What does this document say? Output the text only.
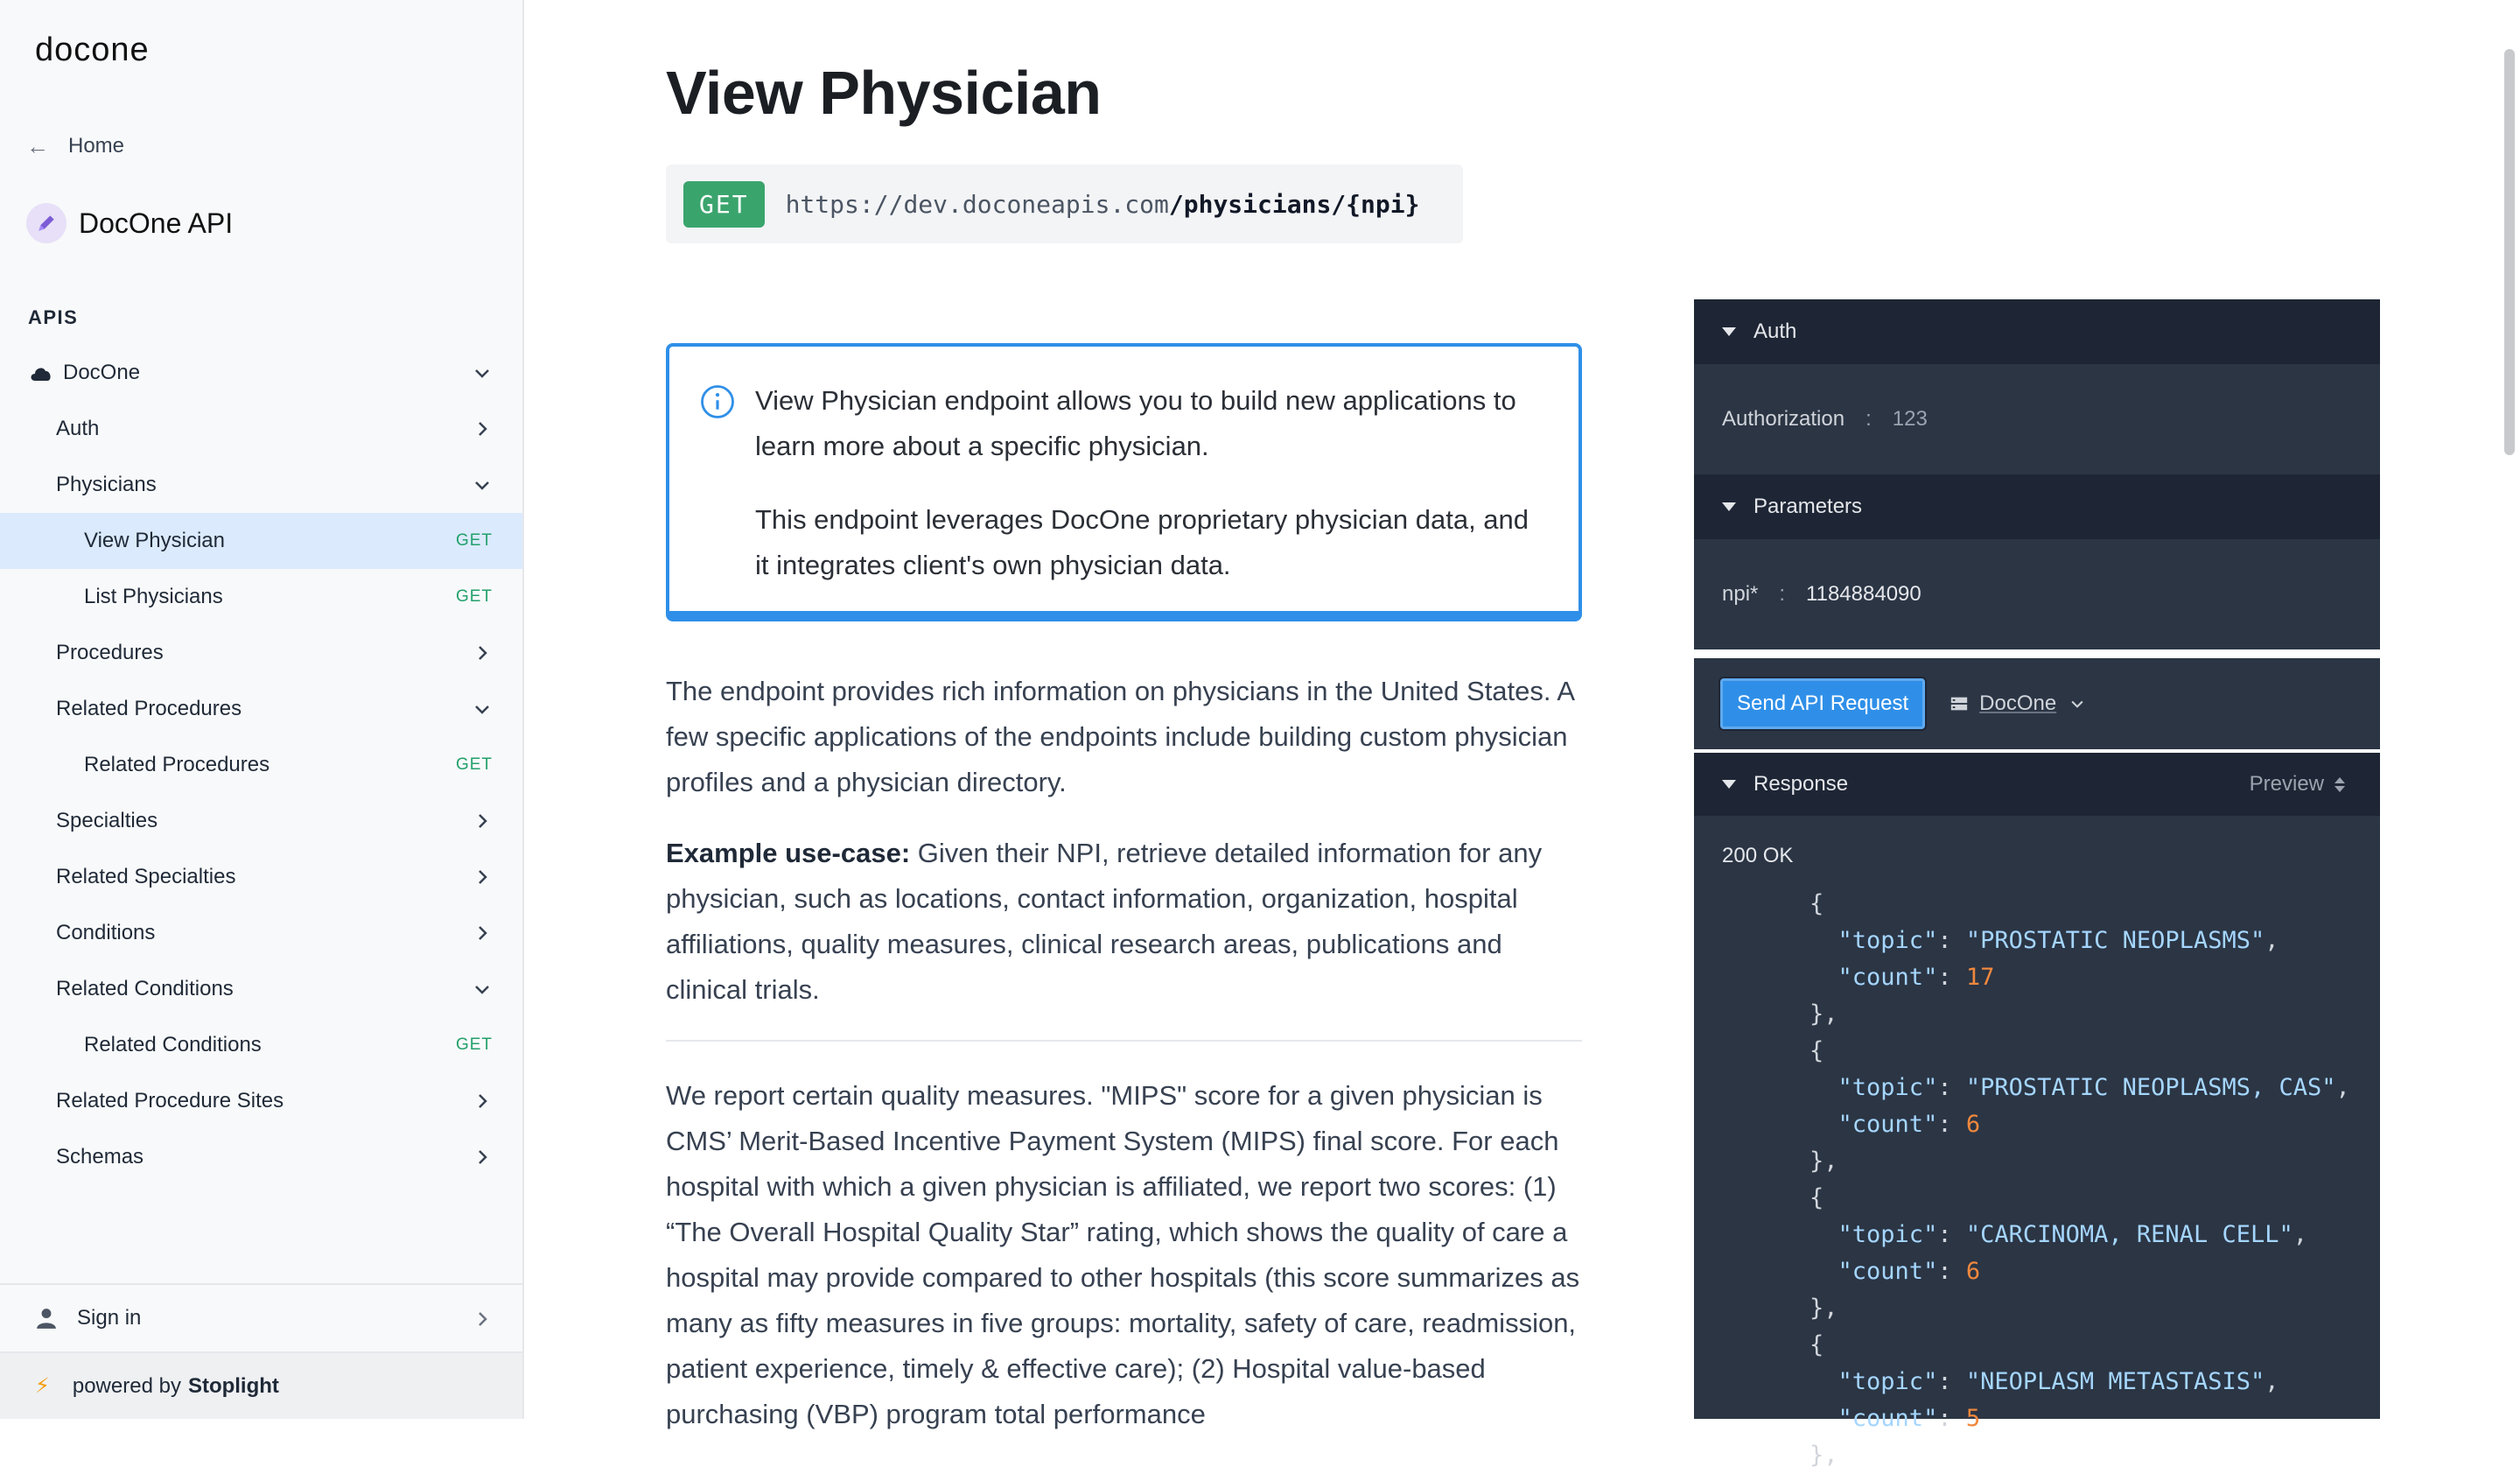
docone
← Home
DocOne API
APIS
DocOne
Auth
Physicians
View Physician	GET
List Physicians	GET
Procedures
Related Procedures
Related Procedures	GET
Specialties
Related Specialties
Conditions
Related Conditions
Related Conditions	GET
Related Procedure Sites
Schemas
Sign in
⚡ powered by Stoplight
View Physician
GET	https://dev.doconeapis.com/physicians/{npi}

View Physician endpoint allows you to build new applications to learn more about a specific physician.

This endpoint leverages DocOne proprietary physician data, and it integrates client's own physician data.

The endpoint provides rich information on physicians in the United States. A few specific applications of the endpoints include building custom physician profiles and a physician directory.

Example use-case: Given their NPI, retrieve detailed information for any physician, such as locations, contact information, organization, hospital affiliations, quality measures, clinical research areas, publications and clinical trials.

We report certain quality measures. "MIPS" score for a given physician is CMS’ Merit-Based Incentive Payment System (MIPS) final score. For each hospital with which a given physician is affiliated, we report two scores: (1) “The Overall Hospital Quality Star” rating, which shows the quality of care a hospital may provide compared to other hospitals (this score summarizes as many as fifty measures in five groups: mortality, safety of care, readmission, patient experience, timely & effective care); (2) Hospital value-based purchasing (VBP) program total performance

Auth
Authorization : 123
Parameters
npi* : 1184884090
Send API Request	DocOne
Response	Preview
200 OK
{
"topic": "PROSTATIC NEOPLASMS",
"count": 17
},
{
"topic": "PROSTATIC NEOPLASMS, CAS",
"count": 6
},
{
"topic": "CARCINOMA, RENAL CELL",
"count": 6
},
{
"topic": "NEOPLASM METASTASIS",
"count": 5
},
